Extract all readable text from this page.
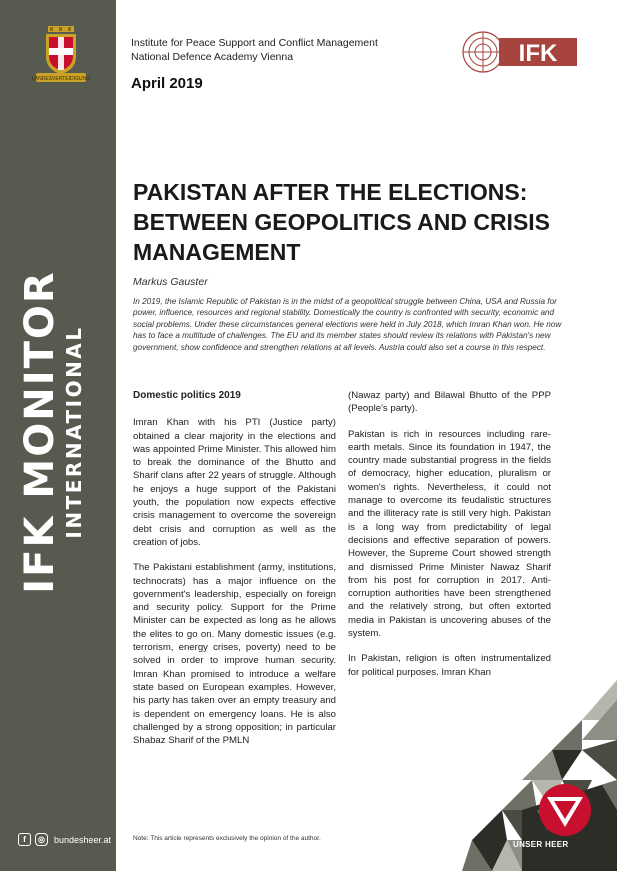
LANDESVERTEIDIGUNG
IFK MONITOR INTERNATIONAL
f	◎	bundesheer.at
Institute for Peace Support and Conflict Management
National Defence Academy Vienna
April 2019
IFK
PAKISTAN AFTER THE ELECTIONS:
BETWEEN GEOPOLITICS AND CRISIS
MANAGEMENT
Markus Gauster

In 2019, the Islamic Republic of Pakistan is in the midst of a geopolitical struggle between China, USA and Russia for power, influence, resources and regional stability. Domestically the country is confronted with security, economic and social problems. Under these circumstances general elections were held in July 2018, which Imran Khan won. He now has to face a multitude of challenges. The EU and its member states should review its relations with Pakistan's new government, show confidence and strengthen relations at all levels. Austria could also set a course in this respect.

Domestic politics 2019

Imran Khan with his PTI (Justice party) obtained a clear majority in the elections and was appointed Prime Minister. This allowed him to break the dominance of the Bhutto and Sharif clans after 22 years of struggle. Although he enjoys a huge support of the Pakistani youth, the population now expects effective crisis management to overcome the sovereign debt crisis and corruption as well as the creation of jobs.

The Pakistani establishment (army, institutions, technocrats) has a major influence on the government's leadership, especially on foreign and security policy. Support for the Prime Minister can be expected as long as he allows the elites to go on. Many domestic issues (e.g. terrorism, energy crises, poverty) need to be solved in order to improve human security. Imran Khan promised to introduce a welfare state based on European examples. However, his party has taken over an empty treasury and is dependent on emergency loans. He is also challenged by a strong opposition; in particular Shabaz Sharif of the PMLN

(Nawaz party) and Bilawal Bhutto of the PPP (People's party).

Pakistan is rich in resources including rare-earth metals. Since its foundation in 1947, the country made substantial progress in the fields of democracy, higher education, pluralism or women's rights. Nevertheless, it could not manage to overcome its feudalistic structures and the illiteracy rate is still very high. Pakistan is a long way from predictability of legal decisions and effective separation of powers. However, the Supreme Court showed strength and dismissed Prime Minister Nawaz Sharif from his post for corruption in 2017. Anti-corruption authorities have been strengthened and the relatively strong, but often extorted media in Pakistan is uncovering abuses of the system.

In Pakistan, religion is often instrumentalized for political purposes. Imran Khan

UNSER HEER
Note: This article represents exclusively the opinion of the author.
